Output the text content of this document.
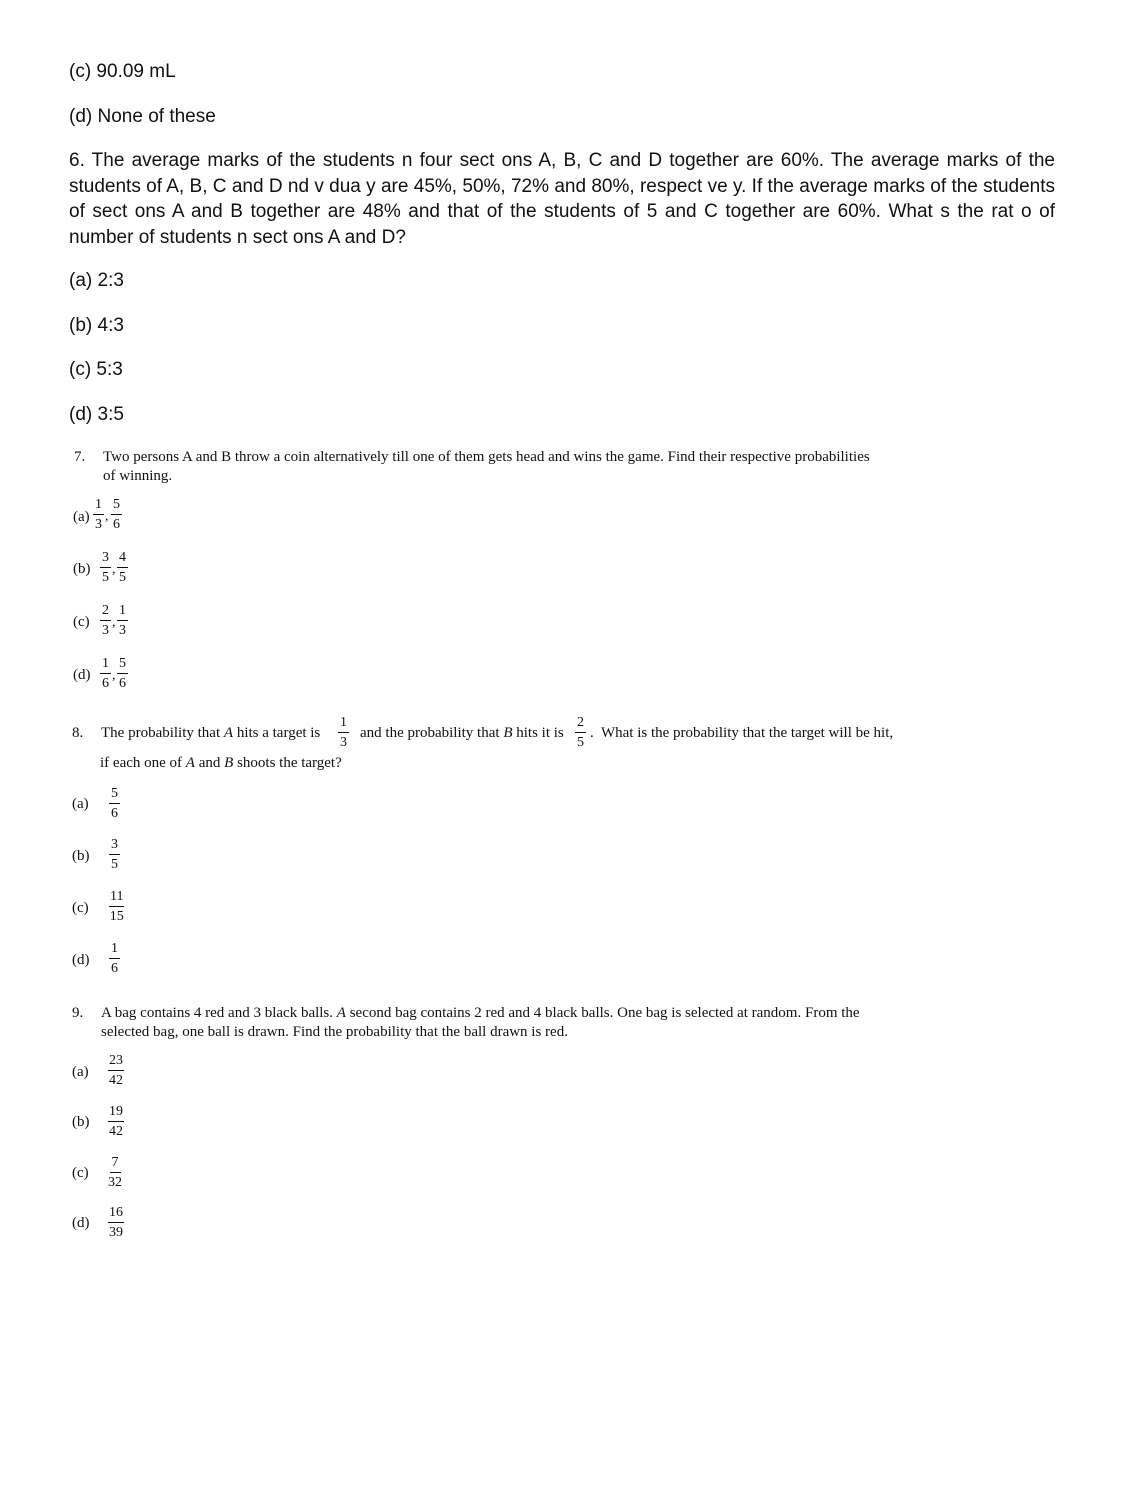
(c) 90.09 mL
(d) None of these
6. The average marks of the students n four sect ons A, B, C and D together are 60%. The average marks of the students of A, B, C and D nd v dua y are 45%, 50%, 72% and 80%, respect ve y. If the average marks of the students of sect ons A and B together are 48% and that of the students of 5 and C together are 60%. What s the rat o of number of students n sect ons A and D?
(a) 2:3
(b) 4:3
(c) 5:3
(d) 3:5
7. Two persons A and B throw a coin alternatively till one of them gets head and wins the game. Find their respective probabilities
of winning.
$(a) \frac{1}{3}$ , $\frac{5}{6}$
$(b) \frac{3}{5}$ , $\frac{4}{5}$
$(c) \frac{2}{3}$ , $\frac{1}{3}$
$(d) \frac{1}{6}$ , $\frac{5}{6}$
8. The probability that A hits a target is $\frac{1}{3}$ and the probability that B hits it is $\frac{2}{5}$ .  What is the probability that the target will be hit,
if each one of A and B shoots the target?
$(a) \frac{5}{6}$
$(b) \frac{3}{5}$
$(c) \frac{11}{15}$
$(d) \frac{1}{6}$
9. A bag contains 4 red and 3 black balls. A second bag contains 2 red and 4 black balls. One bag is selected at random. From the
selected bag, one ball is drawn. Find the probability that the ball drawn is red.
$(a) \frac{23}{42}$
$(b) \frac{19}{42}$
$(c) \frac{7}{32}$
$(d) \frac{16}{39}$
